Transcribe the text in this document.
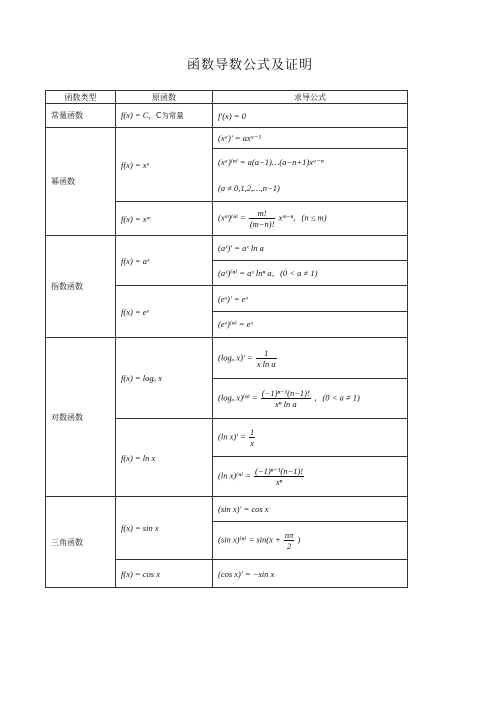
函数导数公式及证明
函数类型	原函数	求导公式
常量函数	f(x) = C，C为常量	f′(x) = 0
幂函数	f(x) = xᵃ	(xᵃ)′ = axᵃ⁻¹
		(xᵃ)⁽ⁿ⁾ = a(a−1)…(a−n+1)xᵃ⁻ⁿ
		(a ≠ 0,1,2,…,n−1)
	f(x) = xᵐ	(xᵐ)⁽ⁿ⁾ = $\frac{m!}{(m-n)!}$ xᵐ⁻ⁿ，(n ≤ m)
指数函数	f(x) = aˣ	(aˣ)′ = aˣ ln a
		(aˣ)⁽ⁿ⁾ = aˣ lnⁿ a，(0 < a ≠ 1)
	f(x) = eˣ	(eˣ)′ = eˣ
		(eˣ)⁽ⁿ⁾ = eˣ
对数函数	f(x) = logₐ x	(logₐ $x)' = \frac{1}{\text{x ln a}}$

		(logₐ $x)^{(n)} = \frac{\text{(−1)ⁿ⁻¹(n−1)!}}{\text{xⁿ ln a}}$ ，(0 < a ≠ 1)
	f(x) = ln x	(ln $x)' = \frac{1}{x}$

		(ln $x)^{(n)} = \frac{\text{(−1)ⁿ⁻¹(n−1)!}}{\text{xⁿ}}$

三角函数	f(x) = sin x	(sin x)′ = cos x
		(sin $x)^{(n)} = \sin(x + \frac{n\pi}{2}$ )
	f(x) = cos x	(cos x)′ = −sin x
